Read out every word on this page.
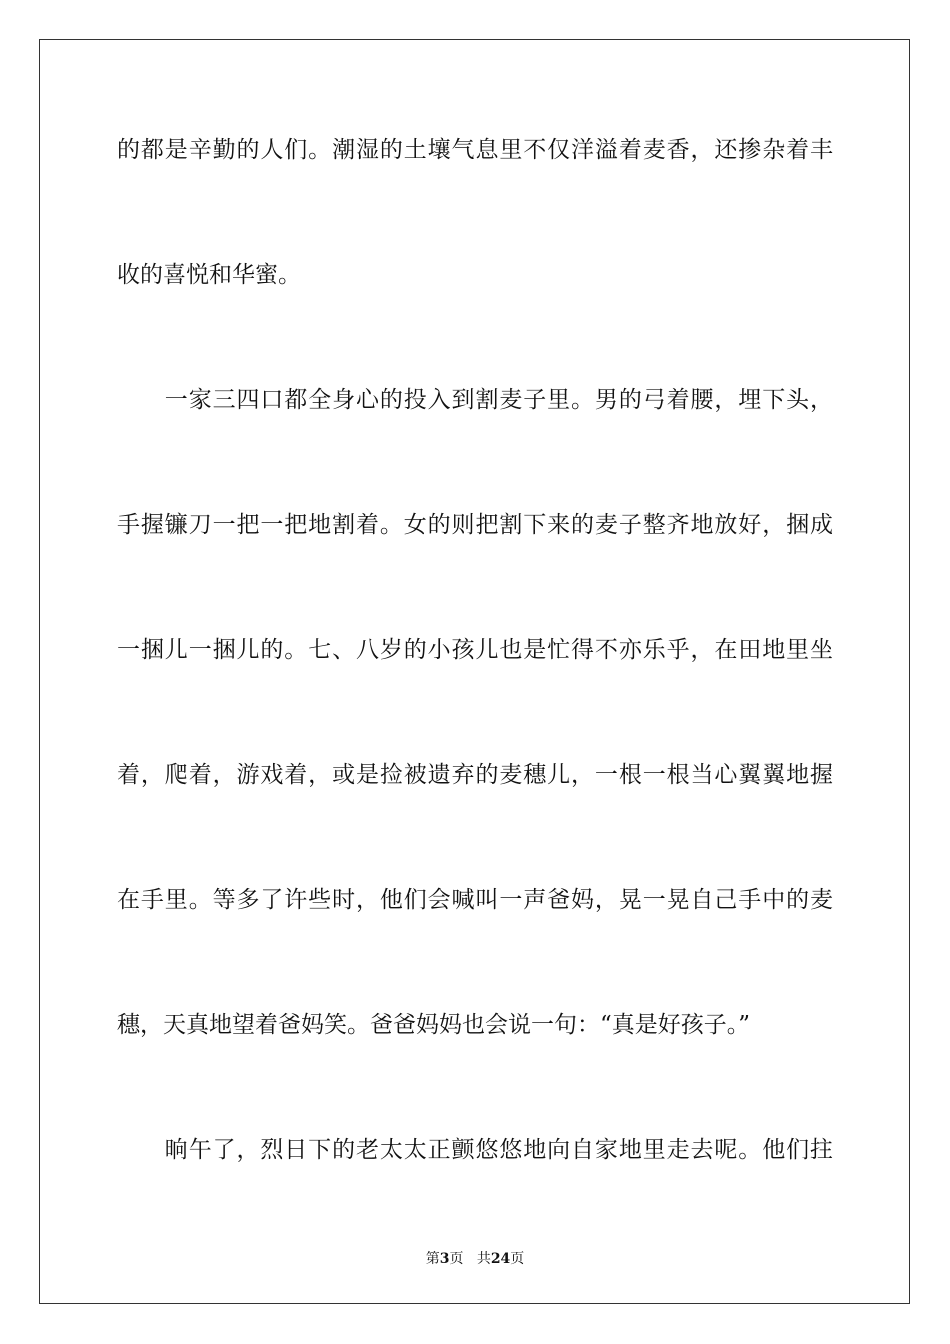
的都是辛勤的人们。潮湿的土壤气息里不仅洋溢着麦香，还掺杂着丰
收的喜悦和华蜜。
　　一家三四口都全身心的投入到割麦子里。男的弓着腰，埋下头，
手握镰刀一把一把地割着。女的则把割下来的麦子整齐地放好，捆成
一捆儿一捆儿的。七、八岁的小孩儿也是忙得不亦乐乎，在田地里坐
着，爬着，游戏着，或是捡被遗弃的麦穗儿，一根一根当心翼翼地握
在手里。等多了许些时，他们会喊叫一声爸妈，晃一晃自己手中的麦
穗，天真地望着爸妈笑。爸爸妈妈也会说一句：“真是好孩子。”
　　晌午了，烈日下的老太太正颤悠悠地向自家地里走去呢。他们拄
第3页 共24页
